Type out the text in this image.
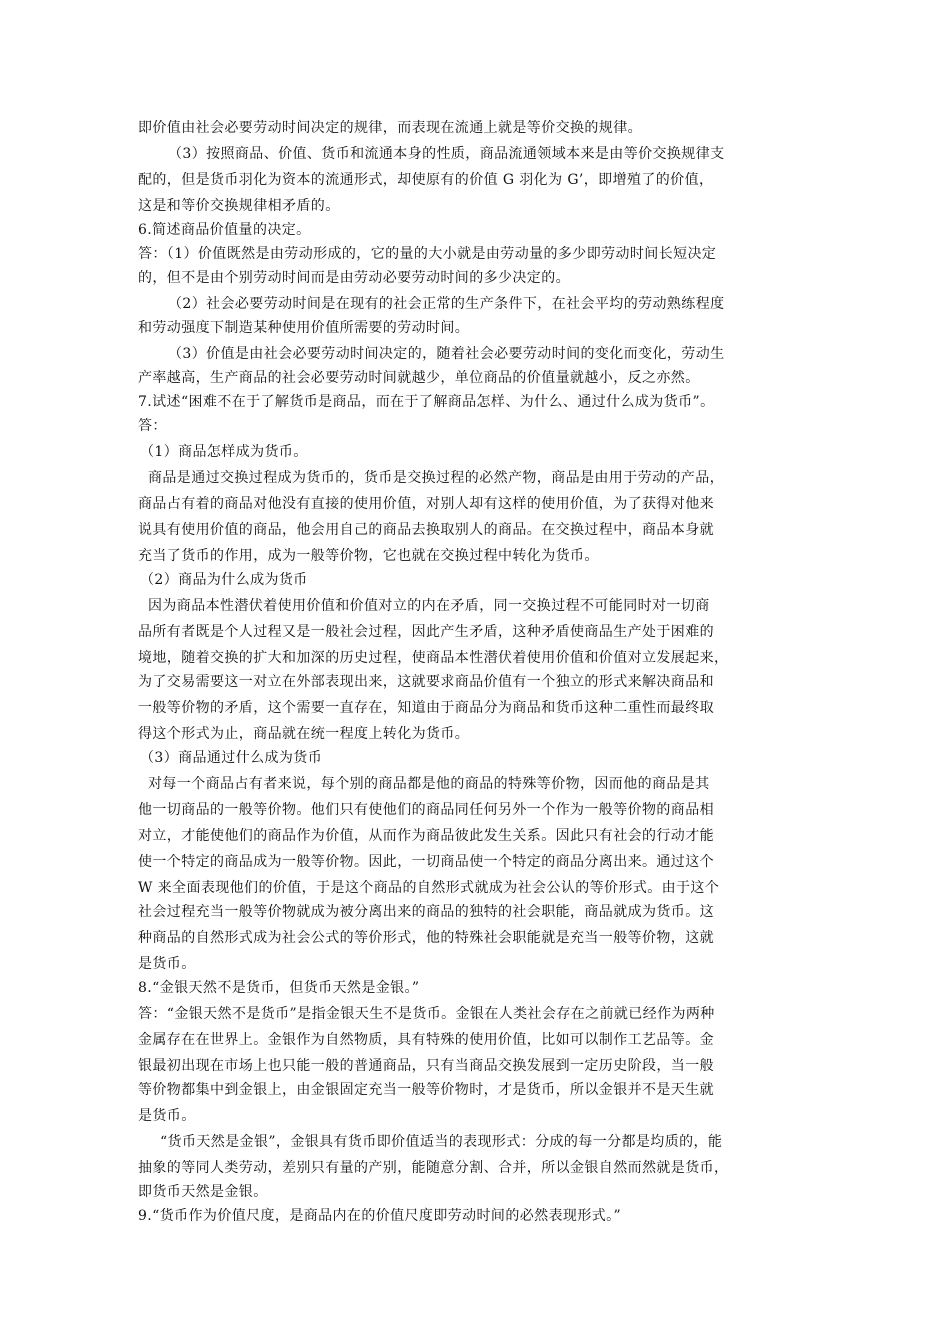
即价值由社会必要劳动时间决定的规律，而表现在流通上就是等价交换的规律。
（3）按照商品、价值、货币和流通本身的性质，商品流通领域本来是由等价交换规律支
配的，但是货币羽化为资本的流通形式，却使原有的价值 G 羽化为 G’，即增殖了的价值，
这是和等价交换规律相矛盾的。
6.简述商品价值量的决定。
答：（1）价值既然是由劳动形成的，它的量的大小就是由劳动量的多少即劳动时间长短决定
的，但不是由个别劳动时间而是由劳动必要劳动时间的多少决定的。
（2）社会必要劳动时间是在现有的社会正常的生产条件下，在社会平均的劳动熟练程度
和劳动强度下制造某种使用价值所需要的劳动时间。
（3）价值是由社会必要劳动时间决定的，随着社会必要劳动时间的变化而变化，劳动生
产率越高，生产商品的社会必要劳动时间就越少，单位商品的价值量就越小，反之亦然。
7.试述“困难不在于了解货币是商品，而在于了解商品怎样、为什么、通过什么成为货币”。
答：
（1）商品怎样成为货币。
商品是通过交换过程成为货币的，货币是交换过程的必然产物，商品是由用于劳动的产品，
商品占有着的商品对他没有直接的使用价值，对别人却有这样的使用价值，为了获得对他来
说具有使用价值的商品，他会用自己的商品去换取别人的商品。在交换过程中，商品本身就
充当了货币的作用，成为一般等价物，它也就在交换过程中转化为货币。
（2）商品为什么成为货币
因为商品本性潜伏着使用价值和价值对立的内在矛盾，同一交换过程不可能同时对一切商
品所有者既是个人过程又是一般社会过程，因此产生矛盾，这种矛盾使商品生产处于困难的
境地，随着交换的扩大和加深的历史过程，使商品本性潜伏着使用价值和价值对立发展起来，
为了交易需要这一对立在外部表现出来，这就要求商品价值有一个独立的形式来解决商品和
一般等价物的矛盾，这个需要一直存在，知道由于商品分为商品和货币这种二重性而最终取
得这个形式为止，商品就在统一程度上转化为货币。
（3）商品通过什么成为货币
对每一个商品占有者来说，每个别的商品都是他的商品的特殊等价物，因而他的商品是其
他一切商品的一般等价物。他们只有使他们的商品同任何另外一个作为一般等价物的商品相
对立，才能使他们的商品作为价值，从而作为商品彼此发生关系。因此只有社会的行动才能
使一个特定的商品成为一般等价物。因此，一切商品使一个特定的商品分离出来。通过这个
W 来全面表现他们的价值，于是这个商品的自然形式就成为社会公认的等价形式。由于这个
社会过程充当一般等价物就成为被分离出来的商品的独特的社会职能，商品就成为货币。这
种商品的自然形式成为社会公式的等价形式，他的特殊社会职能就是充当一般等价物，这就
是货币。
8.“金银天然不是货币，但货币天然是金银。”
答：“金银天然不是货币”是指金银天生不是货币。金银在人类社会存在之前就已经作为两种
金属存在在世界上。金银作为自然物质，具有特殊的使用价值，比如可以制作工艺品等。金
银最初出现在市场上也只能一般的普通商品，只有当商品交换发展到一定历史阶段，当一般
等价物都集中到金银上，由金银固定充当一般等价物时，才是货币，所以金银并不是天生就
是货币。
“货币天然是金银”，金银具有货币即价值适当的表现形式：分成的每一分都是均质的，能
抽象的等同人类劳动，差别只有量的产别，能随意分割、合并，所以金银自然而然就是货币，
即货币天然是金银。
9.“货币作为价值尺度，是商品内在的价值尺度即劳动时间的必然表现形式。”
